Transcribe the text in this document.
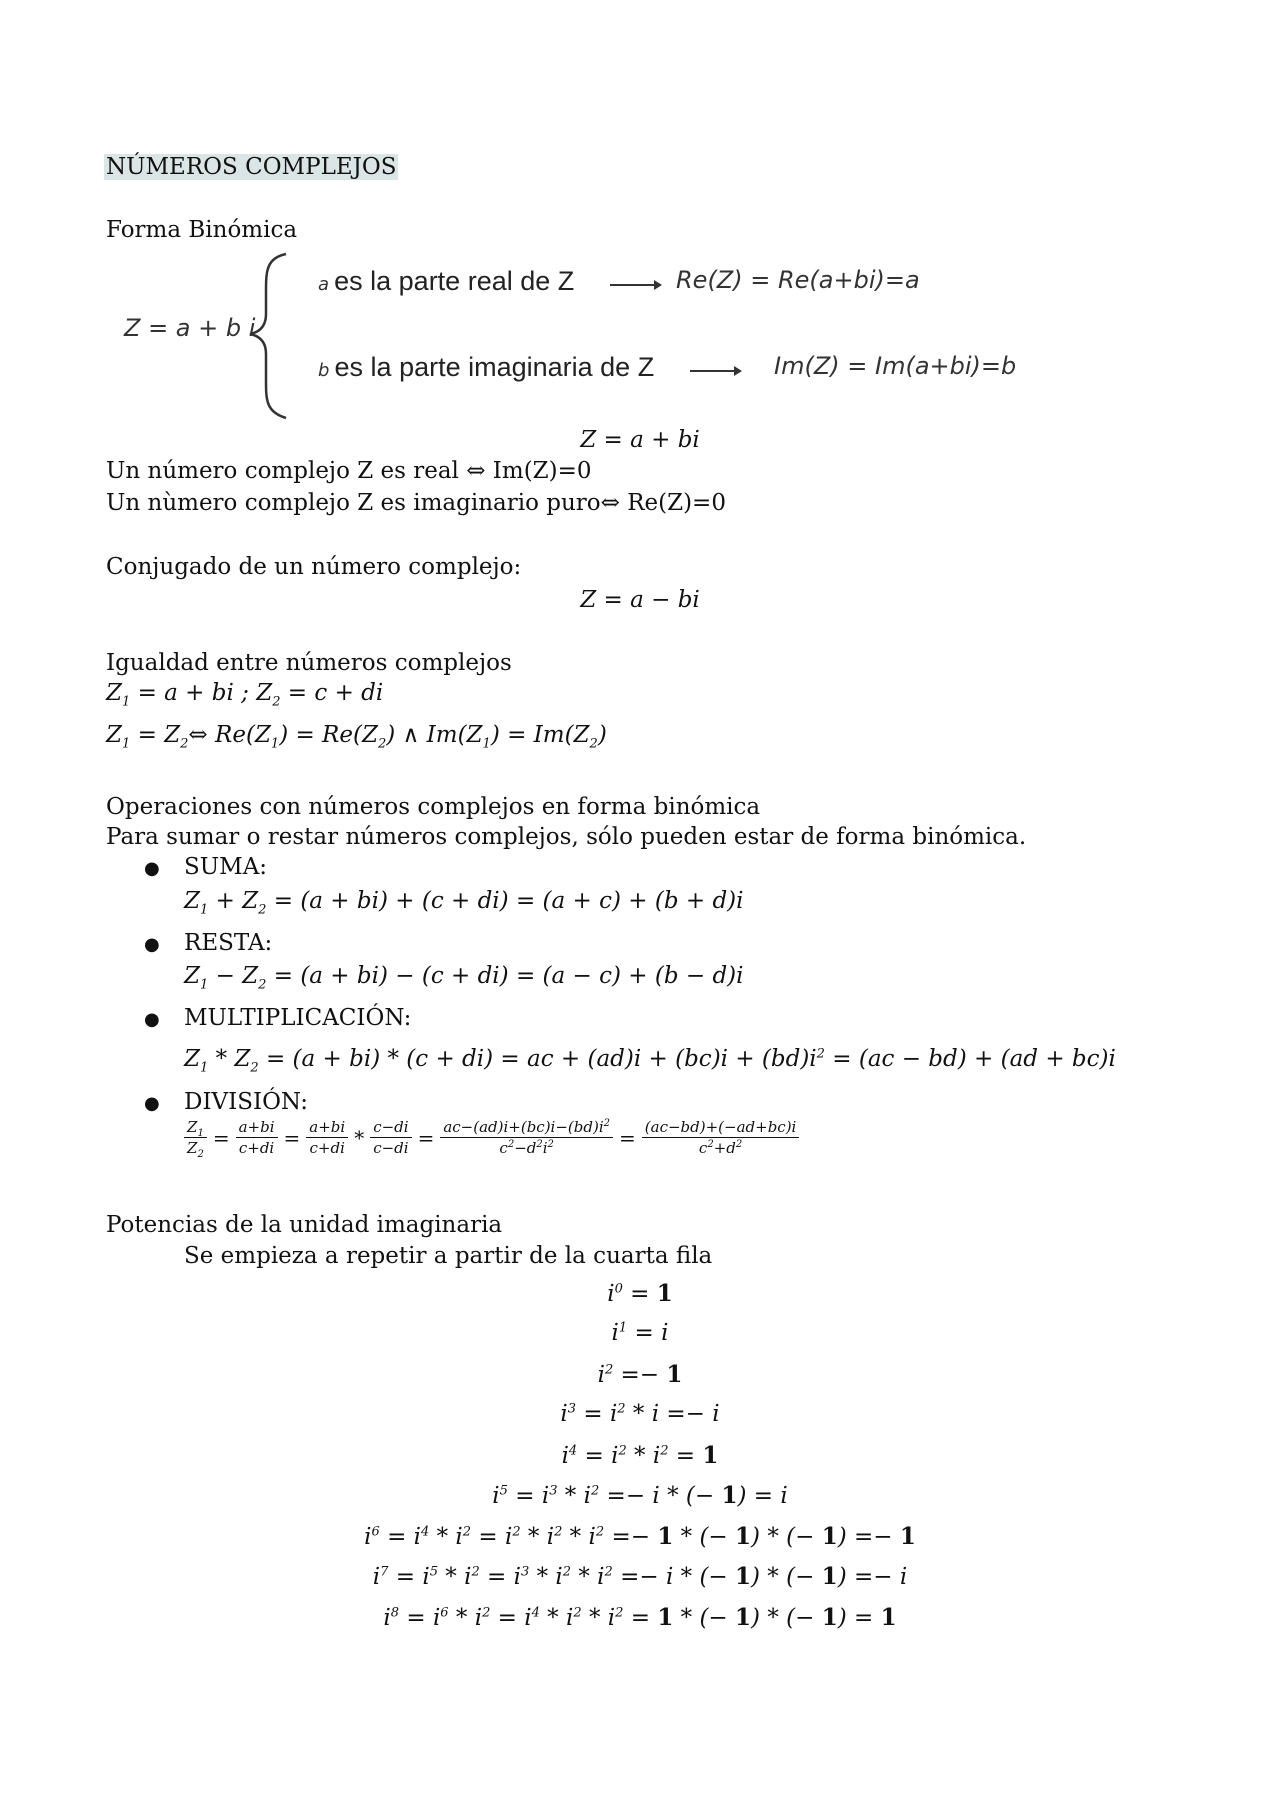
NÚMEROS COMPLEJOS
Forma Binómica
Z = a + b i
a es la parte real de Z	Re(Z) = Re(a+bi)=a
b es la parte imaginaria de Z	Im(Z) = Im(a+bi)=b
Z = a + bi
Un número complejo Z es real ⇔ Im(Z)=0
Un nùmero complejo Z es imaginario puro⇔ Re(Z)=0
Conjugado de un número complejo:
Z = a − bi
Igualdad entre números complejos
$Z_1 = a$ + bi ; $Z_2 = c$ + di
$Z_1$ = $Z_2\Leftrightarrow$ $Re(Z_1) = Re(Z_2)$ ∧ $Im(Z_1) = Im(Z_2)$
Operaciones con números complejos en forma binómica
Para sumar o restar números complejos, sólo pueden estar de forma binómica.
● SUMA:
$Z_1 + Z_2 = (a + bi) + (c + di) = (a + c) + (b + d)i$
● RESTA:
$Z_1 - Z_2 = (a + bi) - (c + di) = (a - c) + (b - d)i$
● MULTIPLICACIÓN:
$Z_1 * Z_2 = (a + bi) * (c + di)$ = ac + $(ad)i + (bc)i + (bd)i^2 = (ac - bd) + (ad + bc)i$
● DIVISIÓN:
$\frac{Z_1}{Z_2} = \frac{a+bi}{c+di} = \frac{a+bi}{c+di} * \frac{c-di}{c-di} = \frac{ac-(ad)i+(bc)i-(bd)i^2}{c^2-d^2i^2} = \frac{(ac-bd)+(-ad+bc)i}{c^2+d^2}$
Potencias de la unidad imaginaria
Se empieza a repetir a partir de la cuarta fila
$i^0 = 1$
$i^1 = i$
$i^2 =- 1$
$i^3 = i^2 * i =- i$
$i^4 = i^2 * i^2 = 1$
$i^5 = i^3 * i^2 =- i$ * (− 1) = i
$i^6 = i^4 * i^2 = i^2 * i^2 * i^2 =- 1$ * (− 1) * (− 1) =− 1
$i^7 = i^5 * i^2 = i^3 * i^2 * i^2 =- i$ * (− 1) * (− 1) =− i
$i^8 = i^6 * i^2 = i^4 * i^2 * i^2 = 1$ * (− 1) * (− 1) = 1
